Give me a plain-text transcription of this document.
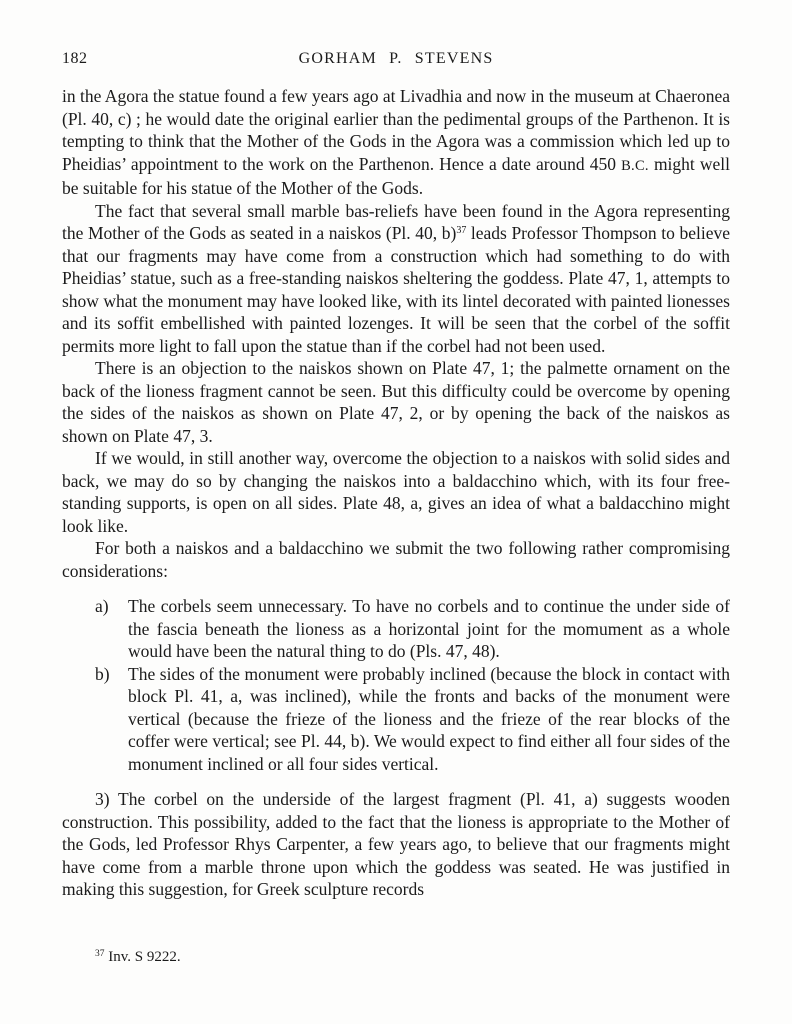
182	GORHAM P. STEVENS

in the Agora the statue found a few years ago at Livadhia and now in the museum at Chaeronea (Pl. 40, c) ; he would date the original earlier than the pedimental groups of the Parthenon. It is tempting to think that the Mother of the Gods in the Agora was a commission which led up to Pheidias’ appointment to the work on the Parthenon. Hence a date around 450 B.C. might well be suitable for his statue of the Mother of the Gods.

The fact that several small marble bas-reliefs have been found in the Agora representing the Mother of the Gods as seated in a naiskos (Pl. 40, b)$^{37}$ leads Professor Thompson to believe that our fragments may have come from a construction which had something to do with Pheidias’ statue, such as a free-standing naiskos sheltering the goddess. Plate 47, 1, attempts to show what the monument may have looked like, with its lintel decorated with painted lionesses and its soffit embellished with painted lozenges. It will be seen that the corbel of the soffit permits more light to fall upon the statue than if the corbel had not been used.

There is an objection to the naiskos shown on Plate 47, 1; the palmette ornament on the back of the lioness fragment cannot be seen. But this difficulty could be overcome by opening the sides of the naiskos as shown on Plate 47, 2, or by opening the back of the naiskos as shown on Plate 47, 3.

If we would, in still another way, overcome the objection to a naiskos with solid sides and back, we may do so by changing the naiskos into a baldacchino which, with its four free-standing supports, is open on all sides. Plate 48, a, gives an idea of what a baldacchino might look like.

For both a naiskos and a baldacchino we submit the two following rather compromising considerations:

a) The corbels seem unnecessary. To have no corbels and to continue the under side of the fascia beneath the lioness as a horizontal joint for the momument as a whole would have been the natural thing to do (Pls. 47, 48).
b) The sides of the monument were probably inclined (because the block in contact with block Pl. 41, a, was inclined), while the fronts and backs of the monument were vertical (because the frieze of the lioness and the frieze of the rear blocks of the coffer were vertical; see Pl. 44, b). We would expect to find either all four sides of the monument inclined or all four sides vertical.

3) The corbel on the underside of the largest fragment (Pl. 41, a) suggests wooden construction. This possibility, added to the fact that the lioness is appropriate to the Mother of the Gods, led Professor Rhys Carpenter, a few years ago, to believe that our fragments might have come from a marble throne upon which the goddess was seated. He was justified in making this suggestion, for Greek sculpture records

$^{37}$ Inv. S 9222.
